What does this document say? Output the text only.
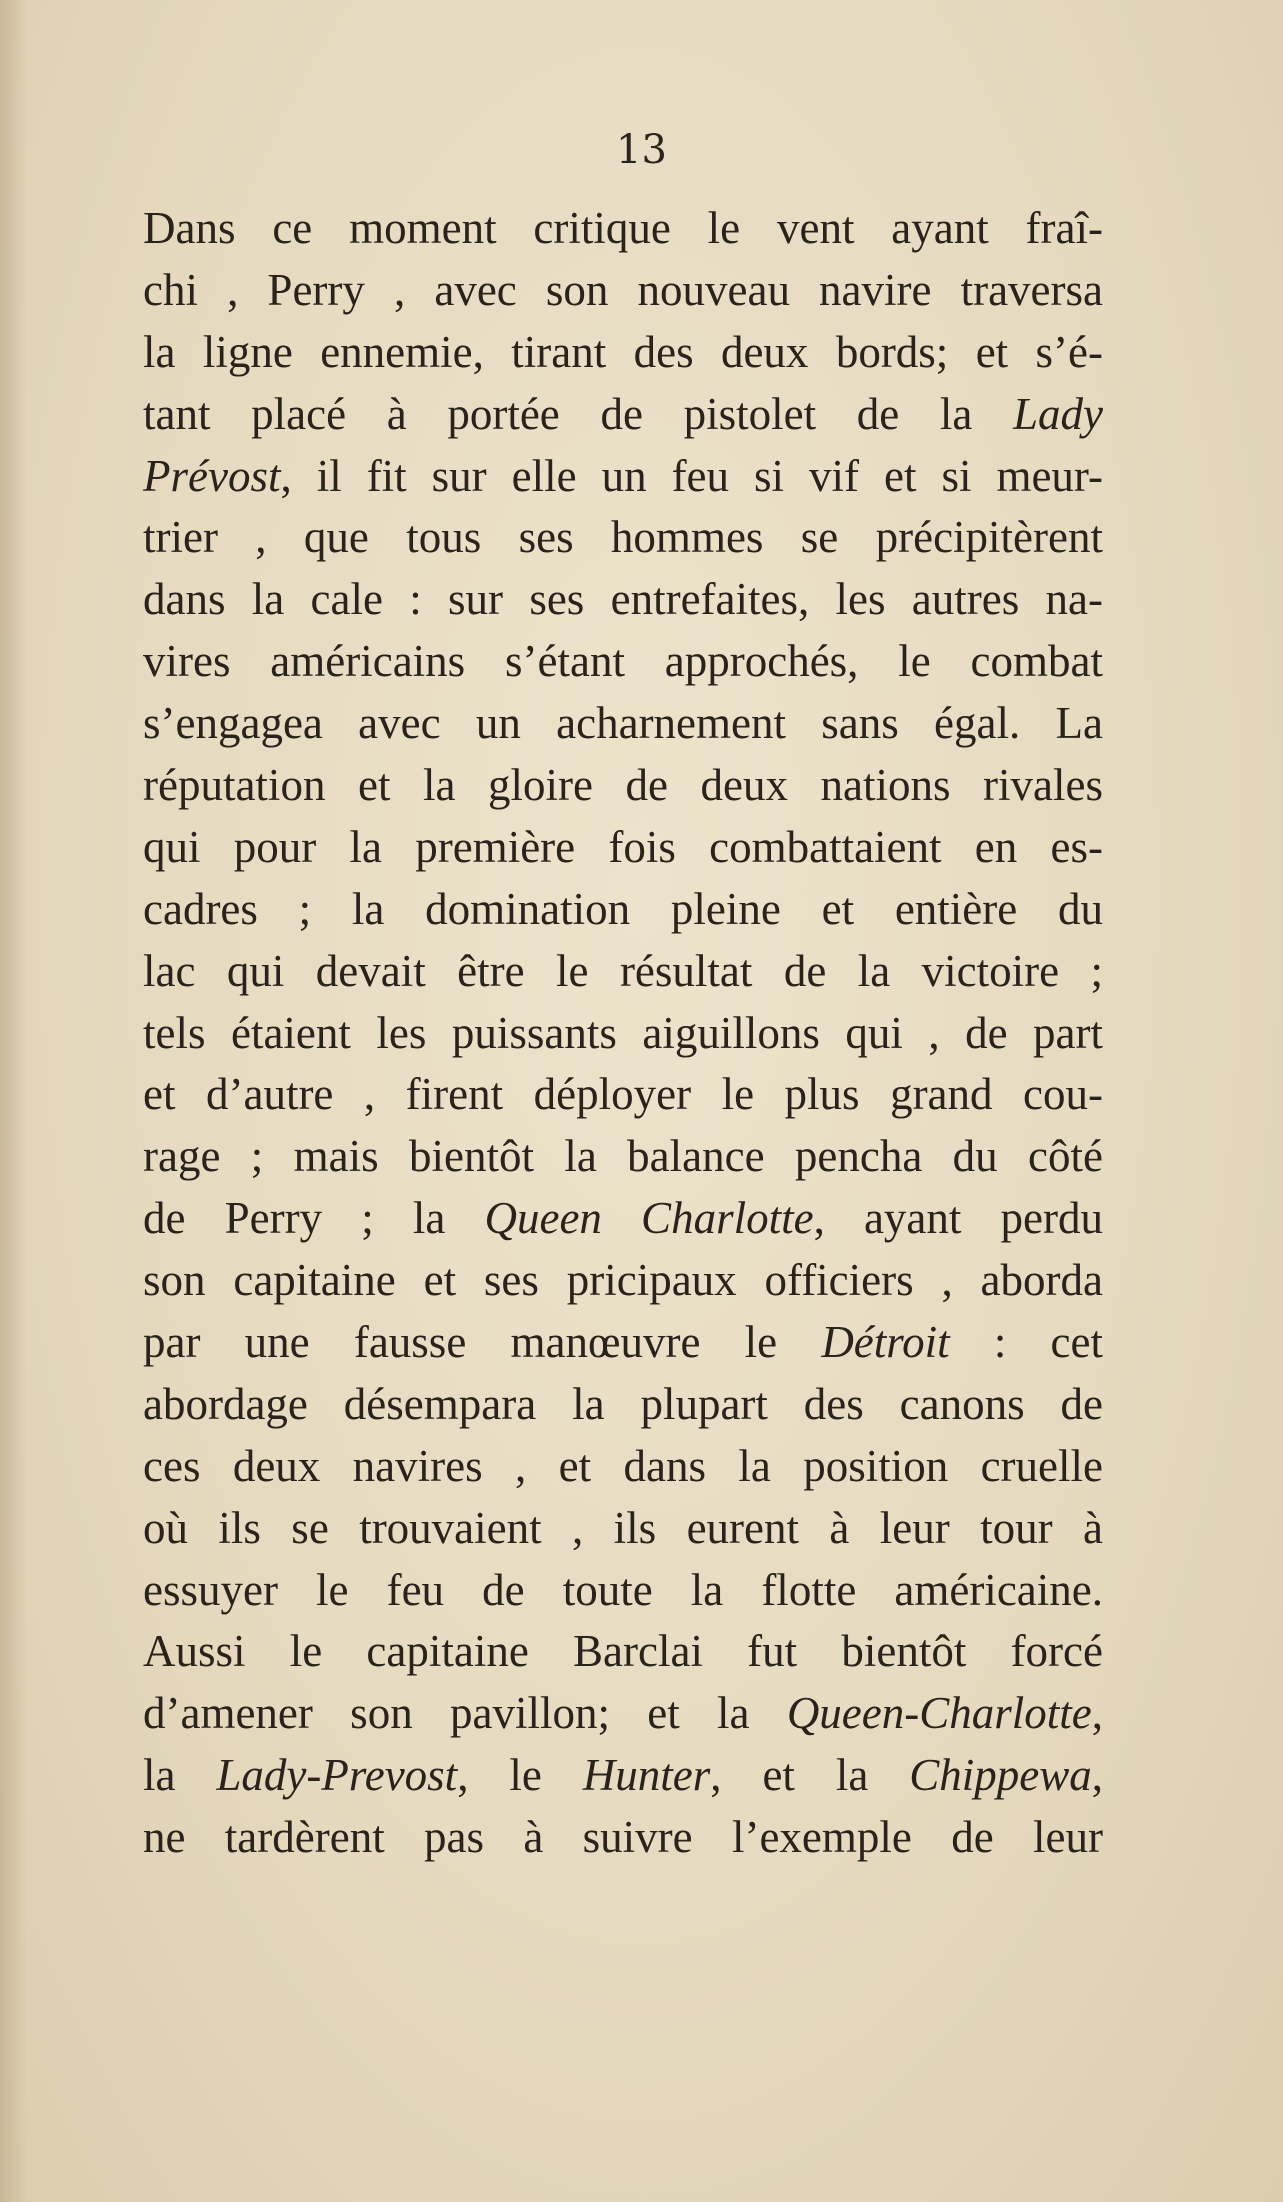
13

Dans ce moment critique le vent ayant fraî-
chi , Perry , avec son nouveau navire traversa
la ligne ennemie, tirant des deux bords; et s’é-
tant placé à portée de pistolet de la Lady
Prévost, il fit sur elle un feu si vif et si meur-
trier , que tous ses hommes se précipitèrent
dans la cale : sur ses entrefaites, les autres na-
vires américains s’étant approchés, le combat
s’engagea avec un acharnement sans égal. La
réputation et la gloire de deux nations rivales
qui pour la première fois combattaient en es-
cadres ; la domination pleine et entière du
lac qui devait être le résultat de la victoire ;
tels étaient les puissants aiguillons qui , de part
et d’autre , firent déployer le plus grand cou-
rage ; mais bientôt la balance pencha du côté
de Perry ; la Queen Charlotte, ayant perdu
son capitaine et ses pricipaux officiers , aborda
par une fausse manœuvre le Détroit : cet
abordage désempara la plupart des canons de
ces deux navires , et dans la position cruelle
où ils se trouvaient , ils eurent à leur tour à
essuyer le feu de toute la flotte américaine.
Aussi le capitaine Barclai fut bientôt forcé
d’amener son pavillon; et la Queen-Charlotte,
la Lady-Prevost, le Hunter, et la Chippewa,
ne tardèrent pas à suivre l’exemple de leur
